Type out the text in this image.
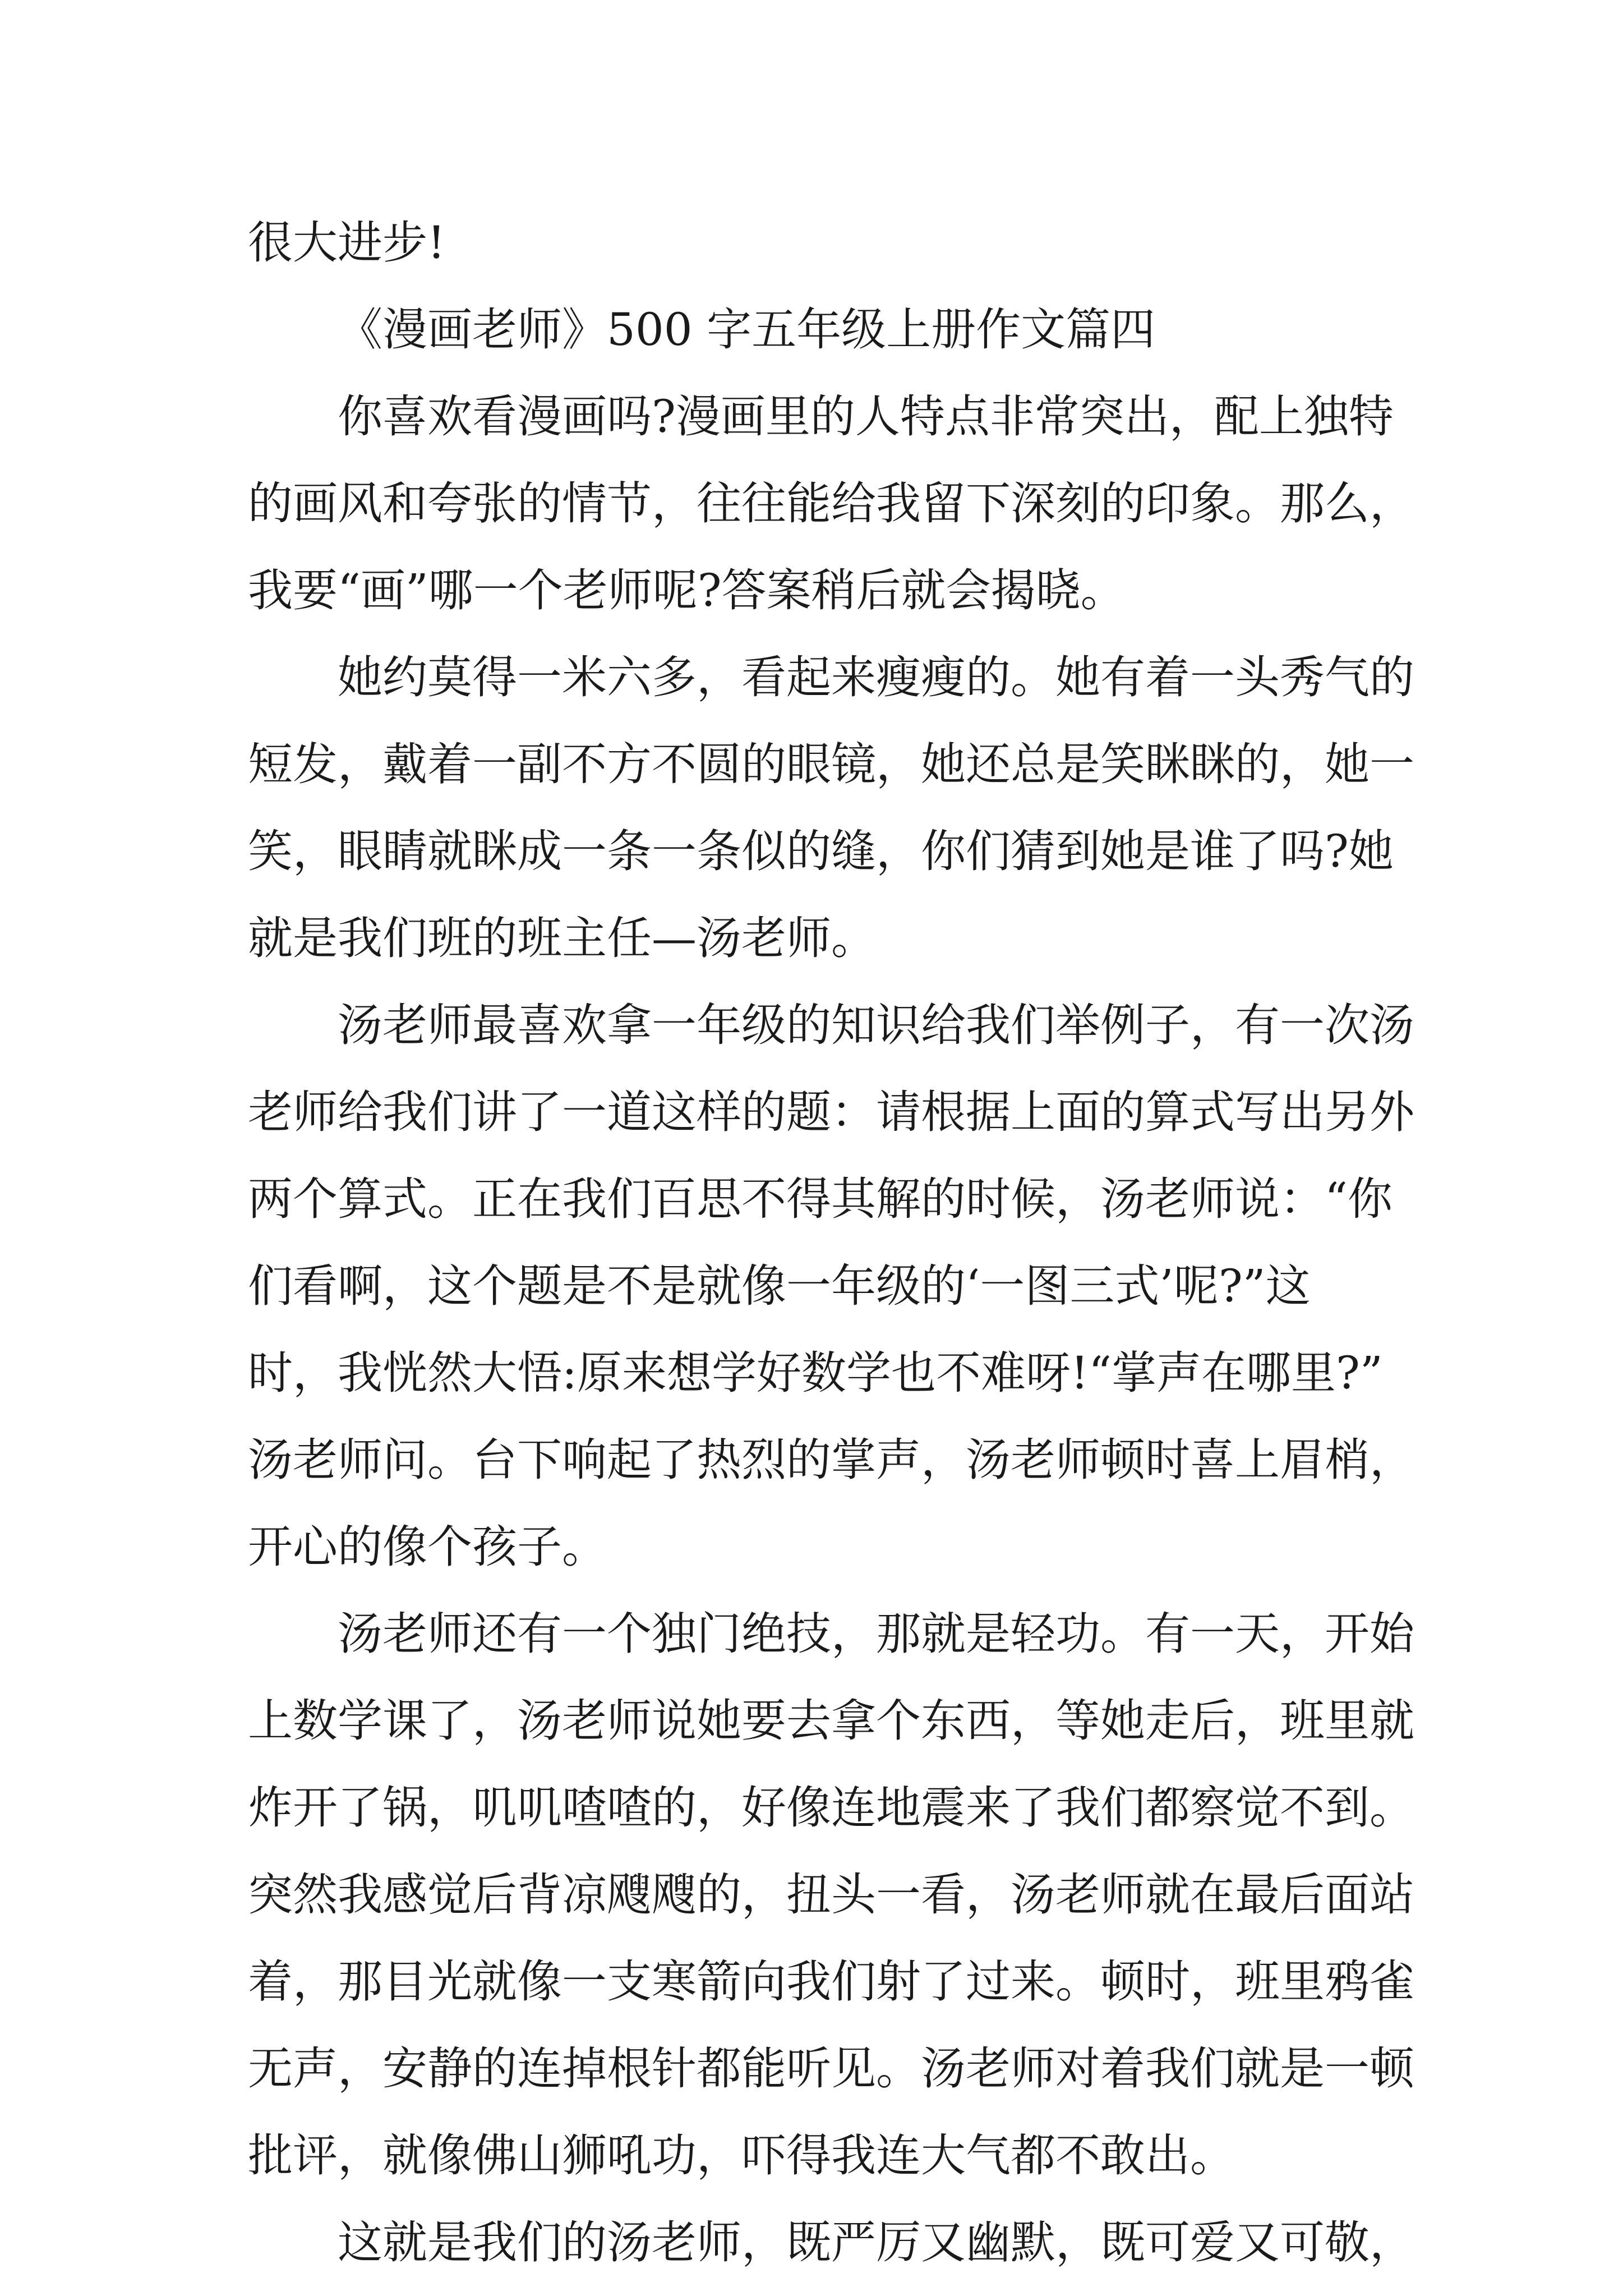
很大进步!
《漫画老师》500 字五年级上册作文篇四
你喜欢看漫画吗?漫画里的人特点非常突出，配上独特
的画风和夸张的情节，往往能给我留下深刻的印象。那么，
我要“画”哪一个老师呢?答案稍后就会揭晓。
她约莫得一米六多，看起来瘦瘦的。她有着一头秀气的
短发，戴着一副不方不圆的眼镜，她还总是笑眯眯的，她一
笑，眼睛就眯成一条一条似的缝，你们猜到她是谁了吗?她
就是我们班的班主任—汤老师。
汤老师最喜欢拿一年级的知识给我们举例子，有一次汤
老师给我们讲了一道这样的题：请根据上面的算式写出另外
两个算式。正在我们百思不得其解的时候，汤老师说：“你
们看啊，这个题是不是就像一年级的‘一图三式’呢?”这
时，我恍然大悟:原来想学好数学也不难呀!“掌声在哪里?”
汤老师问。台下响起了热烈的掌声，汤老师顿时喜上眉梢，
开心的像个孩子。
汤老师还有一个独门绝技，那就是轻功。有一天，开始
上数学课了，汤老师说她要去拿个东西，等她走后，班里就
炸开了锅，叽叽喳喳的，好像连地震来了我们都察觉不到。
突然我感觉后背凉飕飕的，扭头一看，汤老师就在最后面站
着，那目光就像一支寒箭向我们射了过来。顿时，班里鸦雀
无声，安静的连掉根针都能听见。汤老师对着我们就是一顿
批评，就像佛山狮吼功，吓得我连大气都不敢出。
这就是我们的汤老师，既严厉又幽默，既可爱又可敬，
